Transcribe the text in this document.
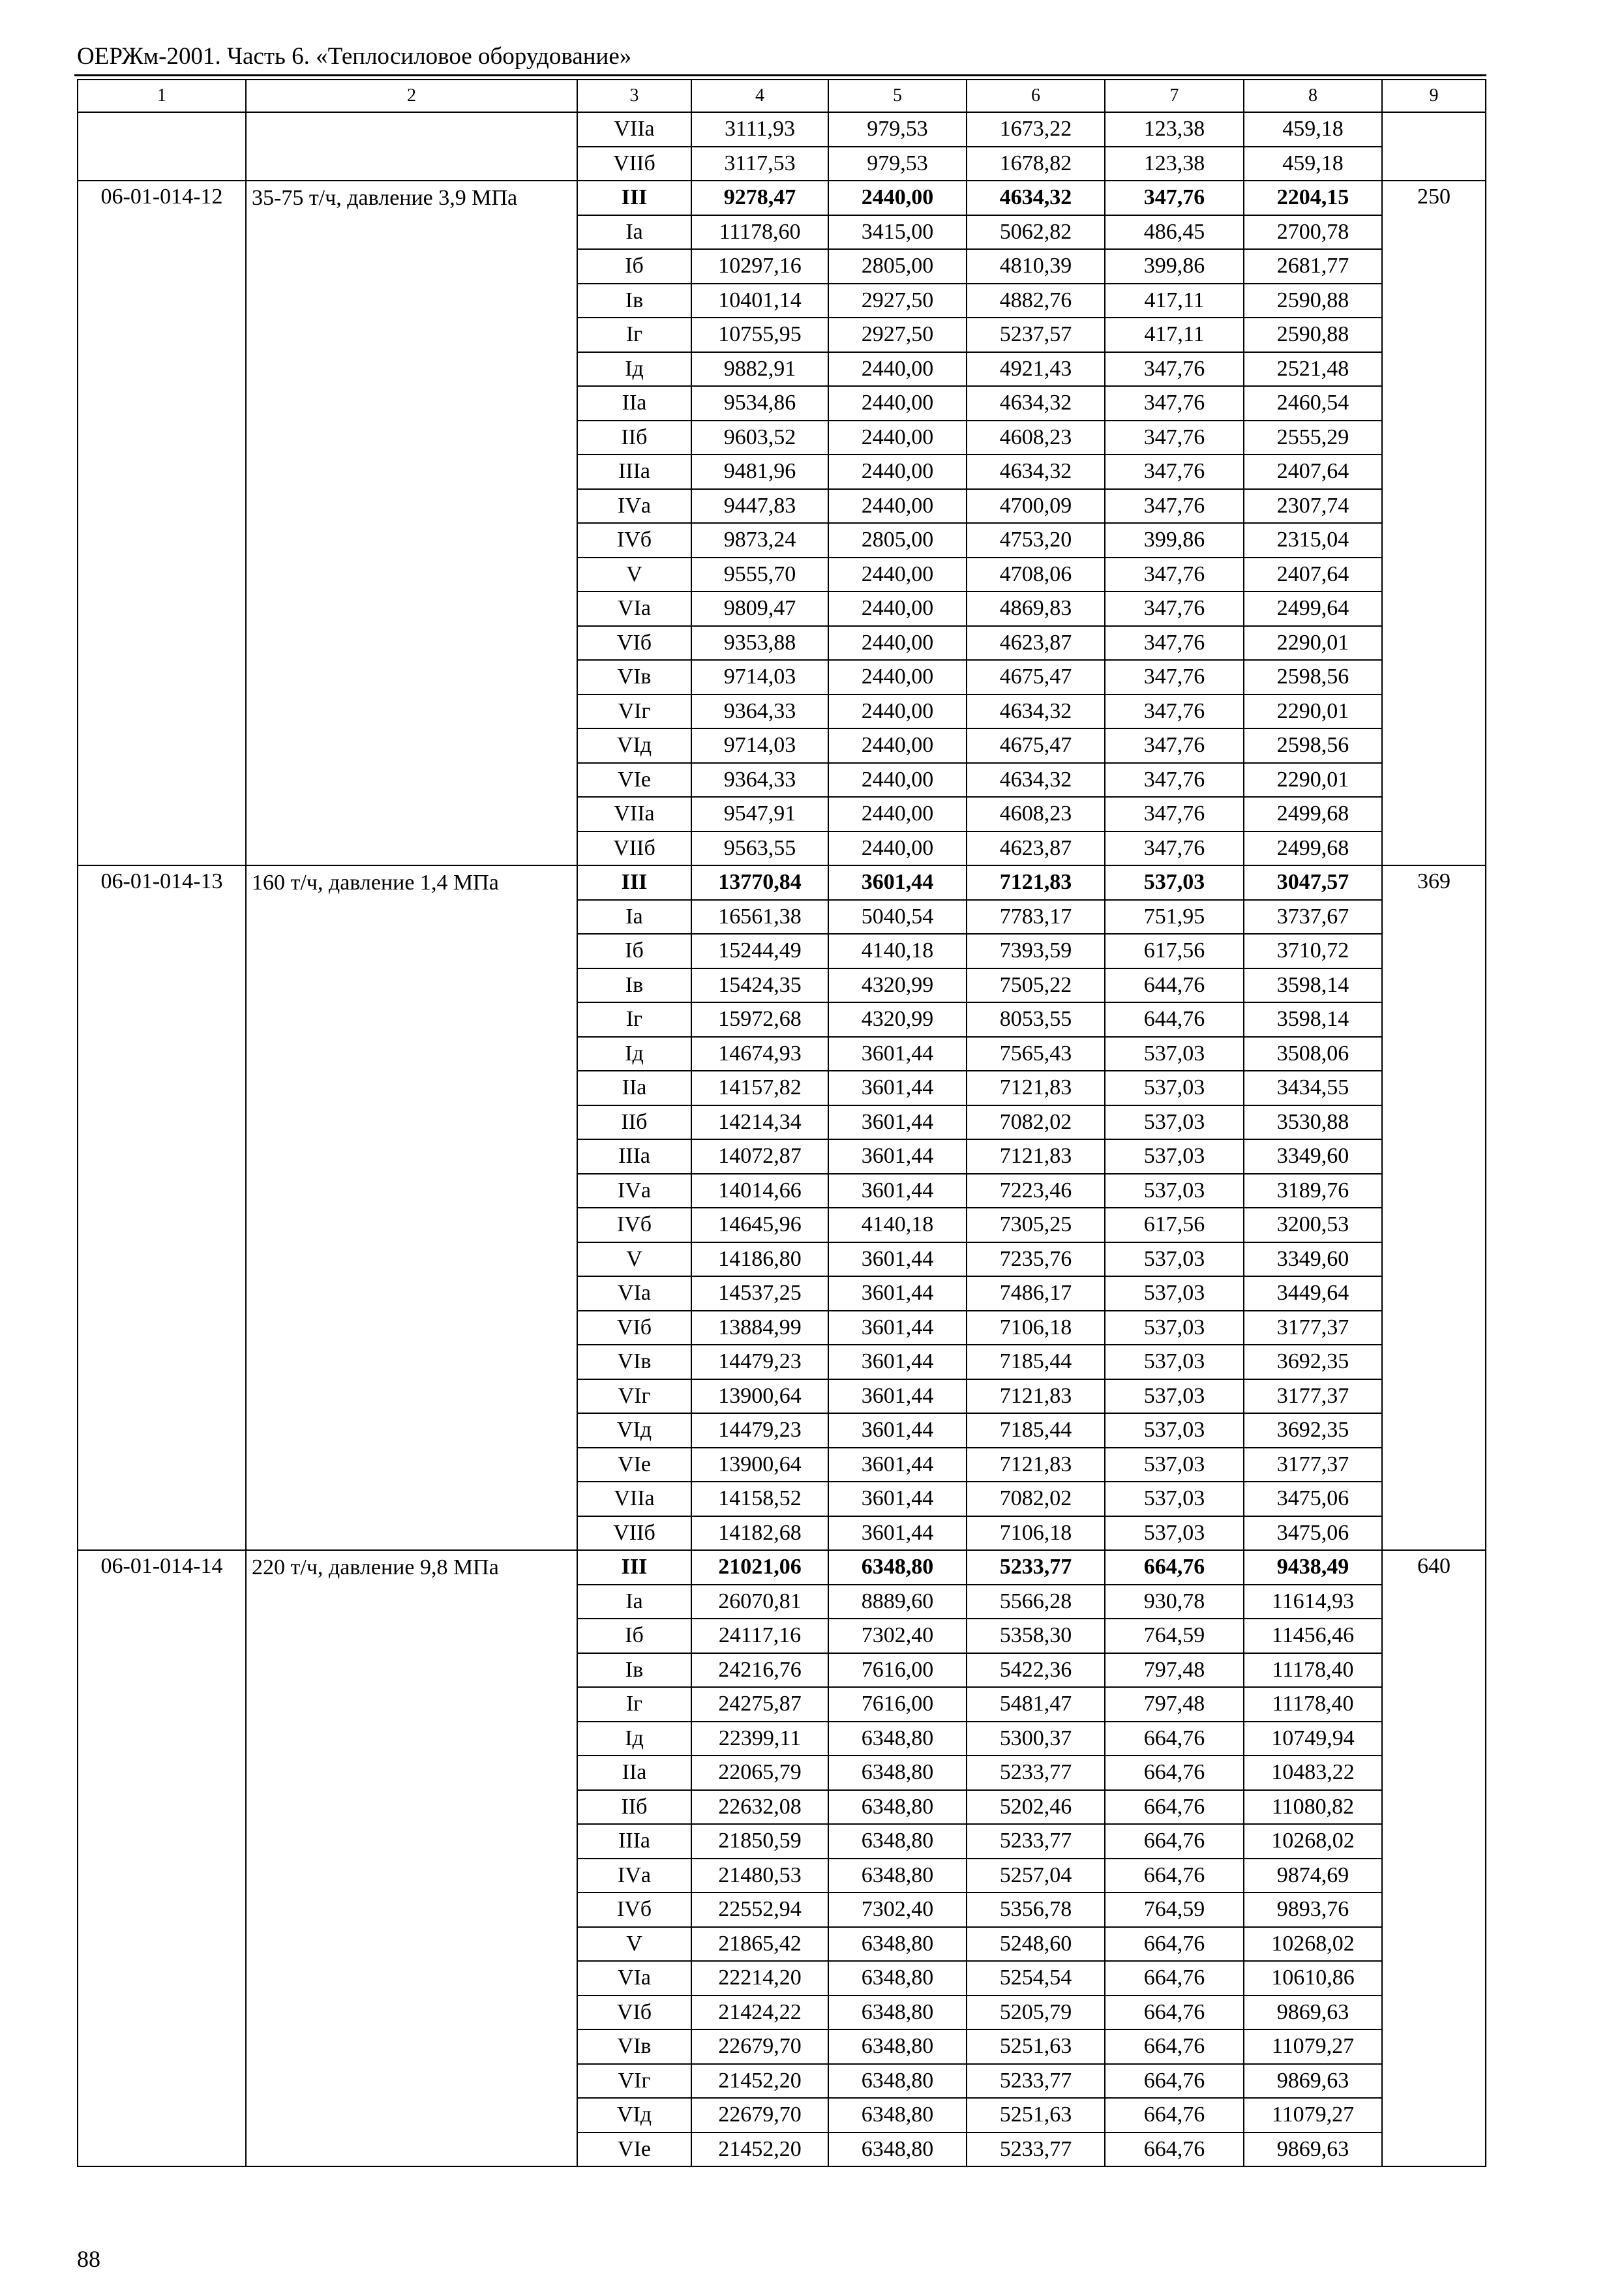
ОЕРЖм-2001. Часть 6. «Теплосиловое оборудование»
1	2	3	4	5	6	7	8	9
		VIIa	3111,93	979,53	1673,22	123,38	459,18	
		VIIб	3117,53	979,53	1678,82	123,38	459,18	
06-01-014-12	35-75 т/ч, давление 3,9 МПа	III	9278,47	2440,00	4634,32	347,76	2204,15	250
		Iа	11178,60	3415,00	5062,82	486,45	2700,78	
		Iб	10297,16	2805,00	4810,39	399,86	2681,77	
		Iв	10401,14	2927,50	4882,76	417,11	2590,88	
		Iг	10755,95	2927,50	5237,57	417,11	2590,88	
		Iд	9882,91	2440,00	4921,43	347,76	2521,48	
		IIа	9534,86	2440,00	4634,32	347,76	2460,54	
		IIб	9603,52	2440,00	4608,23	347,76	2555,29	
		IIIа	9481,96	2440,00	4634,32	347,76	2407,64	
		IVа	9447,83	2440,00	4700,09	347,76	2307,74	
		IVб	9873,24	2805,00	4753,20	399,86	2315,04	
		V	9555,70	2440,00	4708,06	347,76	2407,64	
		VIа	9809,47	2440,00	4869,83	347,76	2499,64	
		VIб	9353,88	2440,00	4623,87	347,76	2290,01	
		VIв	9714,03	2440,00	4675,47	347,76	2598,56	
		VIг	9364,33	2440,00	4634,32	347,76	2290,01	
		VIд	9714,03	2440,00	4675,47	347,76	2598,56	
		VIе	9364,33	2440,00	4634,32	347,76	2290,01	
		VIIа	9547,91	2440,00	4608,23	347,76	2499,68	
		VIIб	9563,55	2440,00	4623,87	347,76	2499,68	
06-01-014-13	160 т/ч, давление 1,4 МПа	III	13770,84	3601,44	7121,83	537,03	3047,57	369
		Iа	16561,38	5040,54	7783,17	751,95	3737,67	
		Iб	15244,49	4140,18	7393,59	617,56	3710,72	
		Iв	15424,35	4320,99	7505,22	644,76	3598,14	
		Iг	15972,68	4320,99	8053,55	644,76	3598,14	
		Iд	14674,93	3601,44	7565,43	537,03	3508,06	
		IIа	14157,82	3601,44	7121,83	537,03	3434,55	
		IIб	14214,34	3601,44	7082,02	537,03	3530,88	
		IIIа	14072,87	3601,44	7121,83	537,03	3349,60	
		IVа	14014,66	3601,44	7223,46	537,03	3189,76	
		IVб	14645,96	4140,18	7305,25	617,56	3200,53	
		V	14186,80	3601,44	7235,76	537,03	3349,60	
		VIа	14537,25	3601,44	7486,17	537,03	3449,64	
		VIб	13884,99	3601,44	7106,18	537,03	3177,37	
		VIв	14479,23	3601,44	7185,44	537,03	3692,35	
		VIг	13900,64	3601,44	7121,83	537,03	3177,37	
		VIд	14479,23	3601,44	7185,44	537,03	3692,35	
		VIе	13900,64	3601,44	7121,83	537,03	3177,37	
		VIIа	14158,52	3601,44	7082,02	537,03	3475,06	
		VIIб	14182,68	3601,44	7106,18	537,03	3475,06	
06-01-014-14	220 т/ч, давление 9,8 МПа	III	21021,06	6348,80	5233,77	664,76	9438,49	640
		Iа	26070,81	8889,60	5566,28	930,78	11614,93	
		Iб	24117,16	7302,40	5358,30	764,59	11456,46	
		Iв	24216,76	7616,00	5422,36	797,48	11178,40	
		Iг	24275,87	7616,00	5481,47	797,48	11178,40	
		Iд	22399,11	6348,80	5300,37	664,76	10749,94	
		IIа	22065,79	6348,80	5233,77	664,76	10483,22	
		IIб	22632,08	6348,80	5202,46	664,76	11080,82	
		IIIа	21850,59	6348,80	5233,77	664,76	10268,02	
		IVа	21480,53	6348,80	5257,04	664,76	9874,69	
		IVб	22552,94	7302,40	5356,78	764,59	9893,76	
		V	21865,42	6348,80	5248,60	664,76	10268,02	
		VIа	22214,20	6348,80	5254,54	664,76	10610,86	
		VIб	21424,22	6348,80	5205,79	664,76	9869,63	
		VIв	22679,70	6348,80	5251,63	664,76	11079,27	
		VIг	21452,20	6348,80	5233,77	664,76	9869,63	
		VIд	22679,70	6348,80	5251,63	664,76	11079,27	
		VIе	21452,20	6348,80	5233,77	664,76	9869,63	
88
